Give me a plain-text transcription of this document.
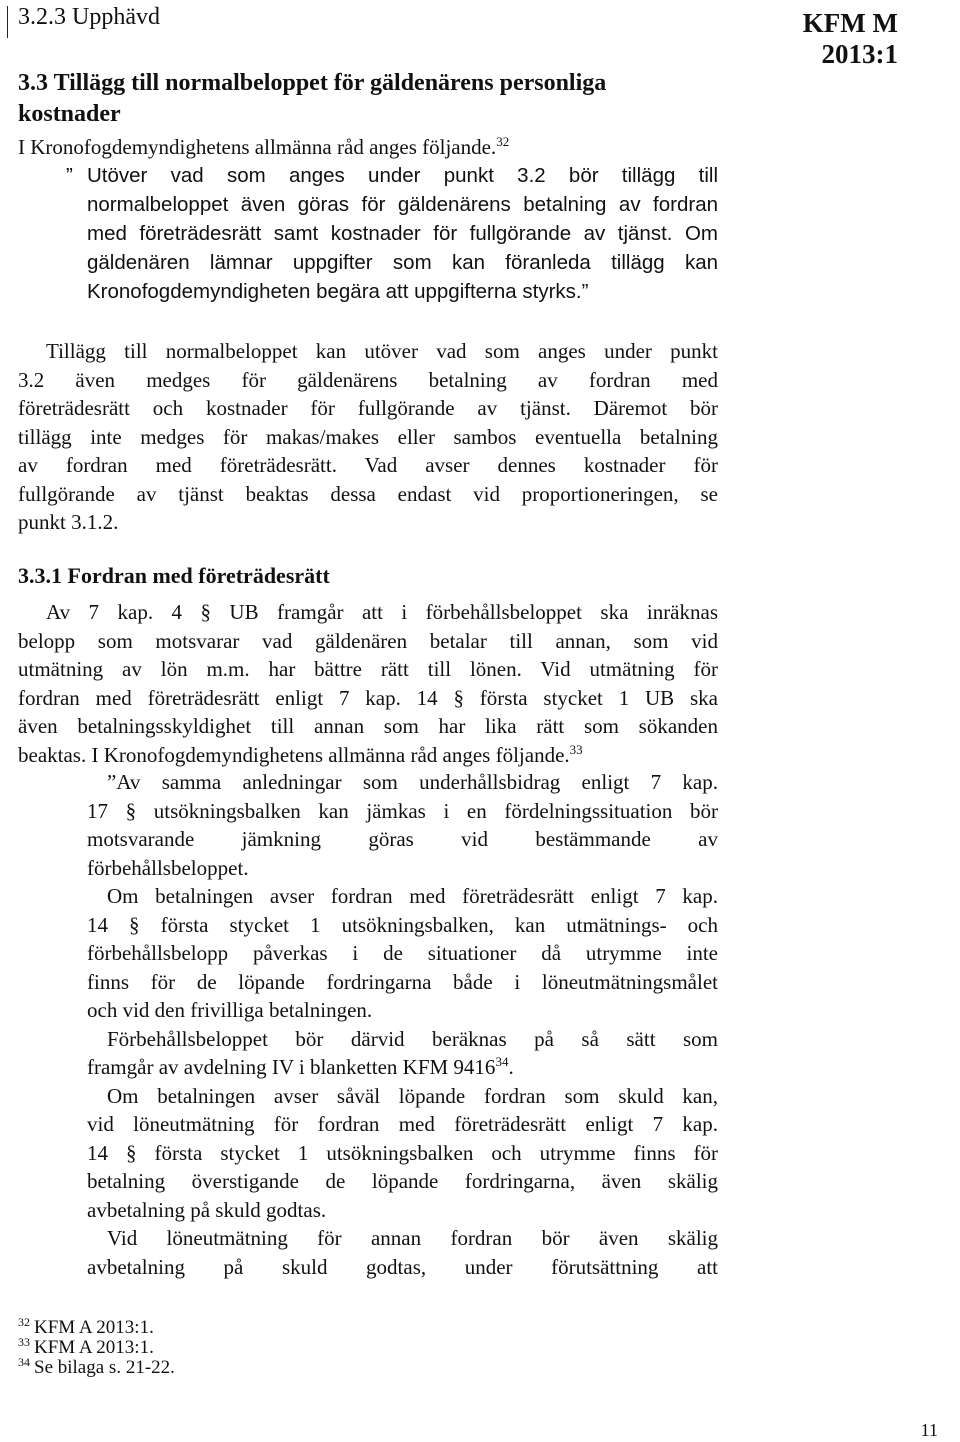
3.2.3 Upphävd	KFM M
2013:1
3.3 Tillägg till normalbeloppet för gäldenärens personliga
kostnader
I Kronofogdemyndighetens allmänna råd anges följande.$^{32}$
Utöver vad som anges under punkt 3.2 bör tillägg till
normalbeloppet även göras för gäldenärens betalning av fordran
med företrädesrätt samt kostnader för fullgörande av tjänst. Om
gäldenären lämnar uppgifter som kan föranleda tillägg kan
Kronofogdemyndigheten begära att uppgifterna styrks.”
”
Tillägg till normalbeloppet kan utöver vad som anges under punkt
3.2 även medges för gäldenärens betalning av fordran med
företrädesrätt och kostnader för fullgörande av tjänst. Däremot bör
tillägg inte medges för makas/makes eller sambos eventuella betalning
av fordran med företrädesrätt. Vad avser dennes kostnader för
fullgörande av tjänst beaktas dessa endast vid proportioneringen, se
punkt 3.1.2.
3.3.1 Fordran med företrädesrätt
Av 7 kap. 4 § UB framgår att i förbehållsbeloppet ska inräknas
belopp som motsvarar vad gäldenären betalar till annan, som vid
utmätning av lön m.m. har bättre rätt till lönen. Vid utmätning för
fordran med företrädesrätt enligt 7 kap. 14 § första stycket 1 UB ska
även betalningsskyldighet till annan som har lika rätt som sökanden
beaktas. I Kronofogdemyndighetens allmänna råd anges följande.$^{33}$
”Av samma anledningar som underhållsbidrag enligt 7 kap.
17 § utsökningsbalken kan jämkas i en fördelningssituation bör
motsvarande jämkning göras vid bestämmande av
förbehållsbeloppet.
Om betalningen avser fordran med företrädesrätt enligt 7 kap.
14 § första stycket 1 utsökningsbalken, kan utmätnings- och
förbehållsbelopp påverkas i de situationer då utrymme inte
finns för de löpande fordringarna både i löneutmätningsmålet
och vid den frivilliga betalningen.
Förbehållsbeloppet bör därvid beräknas på så sätt som
framgår av avdelning IV i blanketten KFM 9416$^{34}$.
Om betalningen avser såväl löpande fordran som skuld kan,
vid löneutmätning för fordran med företrädesrätt enligt 7 kap.
14 § första stycket 1 utsökningsbalken och utrymme finns för
betalning överstigande de löpande fordringarna, även skälig
avbetalning på skuld godtas.
Vid löneutmätning för annan fordran bör även skälig
avbetalning på skuld godtas, under förutsättning att
$^{32}$ KFM A 2013:1.
$^{33}$ KFM A 2013:1.
$^{34}$ Se bilaga s. 21-22.
11
